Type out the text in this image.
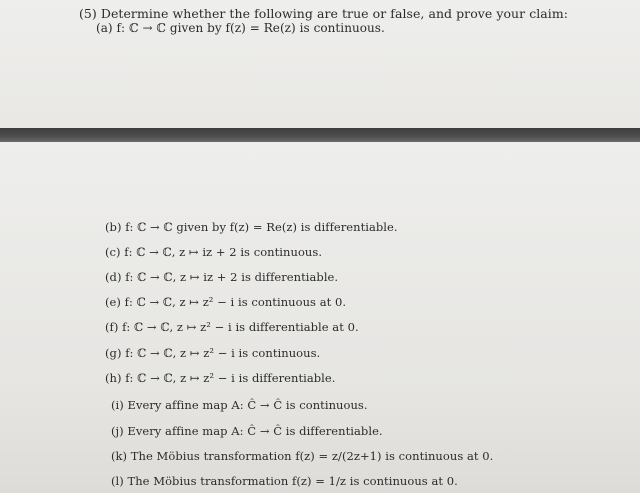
(5) Determine whether the following are true or false, and prove your claim:
(a) f: ℂ → ℂ given by f(z) = Re(z) is continuous.
(b) f: ℂ → ℂ given by f(z) = Re(z) is differentiable.
(c) f: ℂ → ℂ, z ↦ iz + 2 is continuous.
(d) f: ℂ → ℂ, z ↦ iz + 2 is differentiable.
(e) f: ℂ → ℂ, z ↦ z² − i is continuous at 0.
(f) f: ℂ → ℂ, z ↦ z² − i is differentiable at 0.
(g) f: ℂ → ℂ, z ↦ z² − i is continuous.
(h) f: ℂ → ℂ, z ↦ z² − i is differentiable.
(i) Every affine map A: Ĉ → Ĉ is continuous.
(j) Every affine map A: Ĉ → Ĉ is differentiable.
(k) The Möbius transformation f(z) = z/(2z+1) is continuous at 0.
(l) The Möbius transformation f(z) = 1/z is continuous at 0.
